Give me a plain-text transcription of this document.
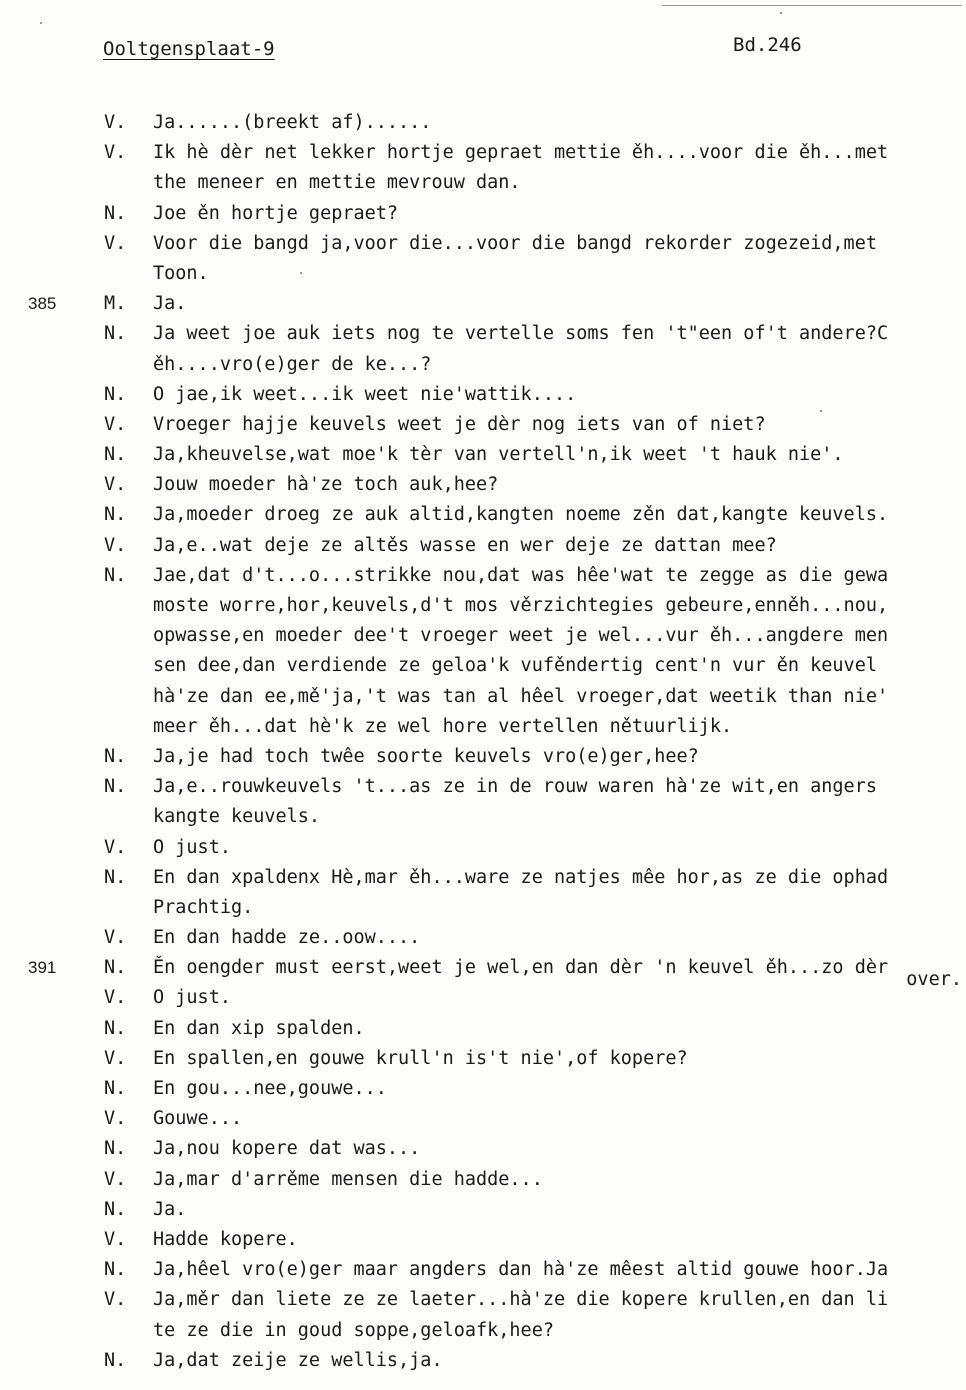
Ooltgensplaat-9	Bd.246
V. Ja......(breekt af)......
V. Ik hè dèr net lekker hortje gepraet mettie ěh....voor die ěh...met
the meneer en mettie mevrouw dan.
N. Joe ěn hortje gepraet?
V. Voor die bangd ja,voor die...voor die bangd rekorder zogezeid,met
Toon.
385	M. Ja.
N. Ja weet joe auk iets nog te vertelle soms fen 't"een of't andere?C
ěh....vro(e)ger de ke...?
N. O jae,ik weet...ik weet nie'wattik....
V. Vroeger hajje keuvels weet je dèr nog iets van of niet?
N. Ja,kheuvelse,wat moe'k tèr van vertell'n,ik weet 't hauk nie'.
V. Jouw moeder hà'ze toch auk,hee?
N. Ja,moeder droeg ze auk altid,kangten noeme zěn dat,kangte keuvels.
V. Ja,e..wat deje ze altěs wasse en wer deje ze dattan mee?
N. Jae,dat d't...o...strikke nou,dat was hêe'wat te zegge as die gewa
moste worre,hor,keuvels,d't mos věrzichtegies gebeure,enněh...nou,
opwasse,en moeder dee't vroeger weet je wel...vur ěh...angdere men
sen dee,dan verdiende ze geloa'k vufěndertig cent'n vur ěn keuvel
hà'ze dan ee,mě'ja,'t was tan al hêel vroeger,dat weetik than nie'
meer ěh...dat hè'k ze wel hore vertellen nětuurlijk.
N. Ja,je had toch twêe soorte keuvels vro(e)ger,hee?
N. Ja,e..rouwkeuvels 't...as ze in de rouw waren hà'ze wit,en angers
kangte keuvels.
V. O just.
N. En dan xpaldenx Hè,mar ěh...ware ze natjes mêe hor,as ze die ophad
Prachtig.
V. En dan hadde ze..oow....
391	N. Ěn oengder must eerst,weet je wel,en dan dèr 'n keuvel ěh...zo dèr
over.
V. O just.
N. En dan xip spalden.
V. En spallen,en gouwe krull'n is't nie',of kopere?
N. En gou...nee,gouwe...
V. Gouwe...
N. Ja,nou kopere dat was...
V. Ja,mar d'arrěme mensen die hadde...
N. Ja.
V. Hadde kopere.
N. Ja,hêel vro(e)ger maar angders dan hà'ze mêest altid gouwe hoor.Ja
V. Ja,měr dan liete ze ze laeter...hà'ze die kopere krullen,en dan li
te ze die in goud soppe,geloafk,hee?
N. Ja,dat zeije ze wellis,ja.
